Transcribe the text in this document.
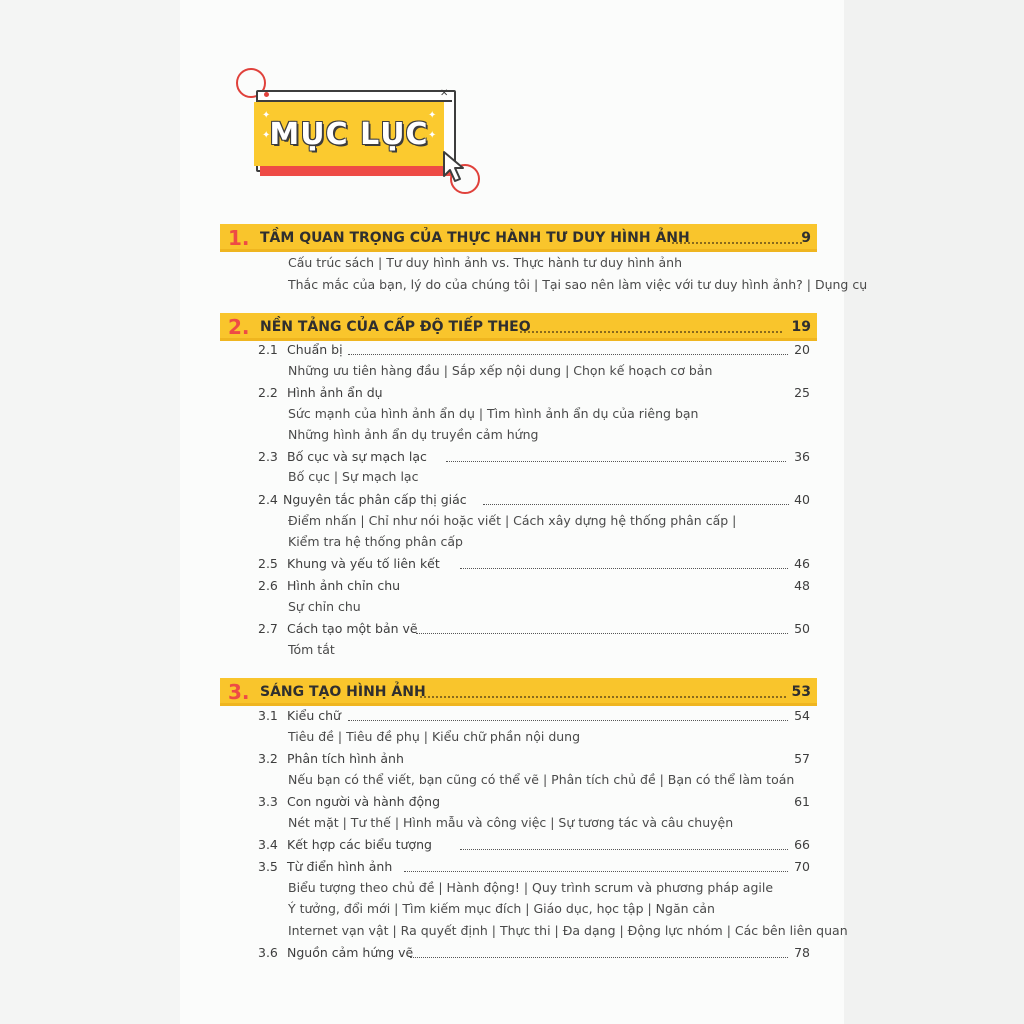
✕
✦
✦
✦
✦
MỤC LỤC
1. TẦM QUAN TRỌNG CỦA THỰC HÀNH TƯ DUY HÌNH ẢNH	9
Cấu trúc sách | Tư duy hình ảnh vs. Thực hành tư duy hình ảnh
Thắc mắc của bạn, lý do của chúng tôi | Tại sao nên làm việc với tư duy hình ảnh? | Dụng cụ
2. NỀN TẢNG CỦA CẤP ĐỘ TIẾP THEO	19
2.1 Chuẩn bị	20
Những ưu tiên hàng đầu | Sắp xếp nội dung | Chọn kế hoạch cơ bản
2.2 Hình ảnh ẩn dụ	25
Sức mạnh của hình ảnh ẩn dụ | Tìm hình ảnh ẩn dụ của riêng bạn
Những hình ảnh ẩn dụ truyền cảm hứng
2.3 Bố cục và sự mạch lạc	36
Bố cục | Sự mạch lạc
2.4 Nguyên tắc phân cấp thị giác	40
Điểm nhấn | Chỉ như nói hoặc viết | Cách xây dựng hệ thống phân cấp |
Kiểm tra hệ thống phân cấp
2.5 Khung và yếu tố liên kết	46
2.6 Hình ảnh chỉn chu	48
Sự chỉn chu
2.7 Cách tạo một bản vẽ	50
Tóm tắt
3. SÁNG TẠO HÌNH ẢNH	53
3.1 Kiểu chữ	54
Tiêu đề | Tiêu đề phụ | Kiểu chữ phần nội dung
3.2 Phân tích hình ảnh	57
Nếu bạn có thể viết, bạn cũng có thể vẽ | Phân tích chủ đề | Bạn có thể làm toán
3.3 Con người và hành động	61
Nét mặt | Tư thế | Hình mẫu và công việc | Sự tương tác và câu chuyện
3.4 Kết hợp các biểu tượng	66
3.5 Từ điển hình ảnh	70
Biểu tượng theo chủ đề | Hành động! | Quy trình scrum và phương pháp agile
Ý tưởng, đổi mới | Tìm kiếm mục đích | Giáo dục, học tập | Ngăn cản
Internet vạn vật | Ra quyết định | Thực thi | Đa dạng | Động lực nhóm | Các bên liên quan
3.6 Nguồn cảm hứng vẽ	78
